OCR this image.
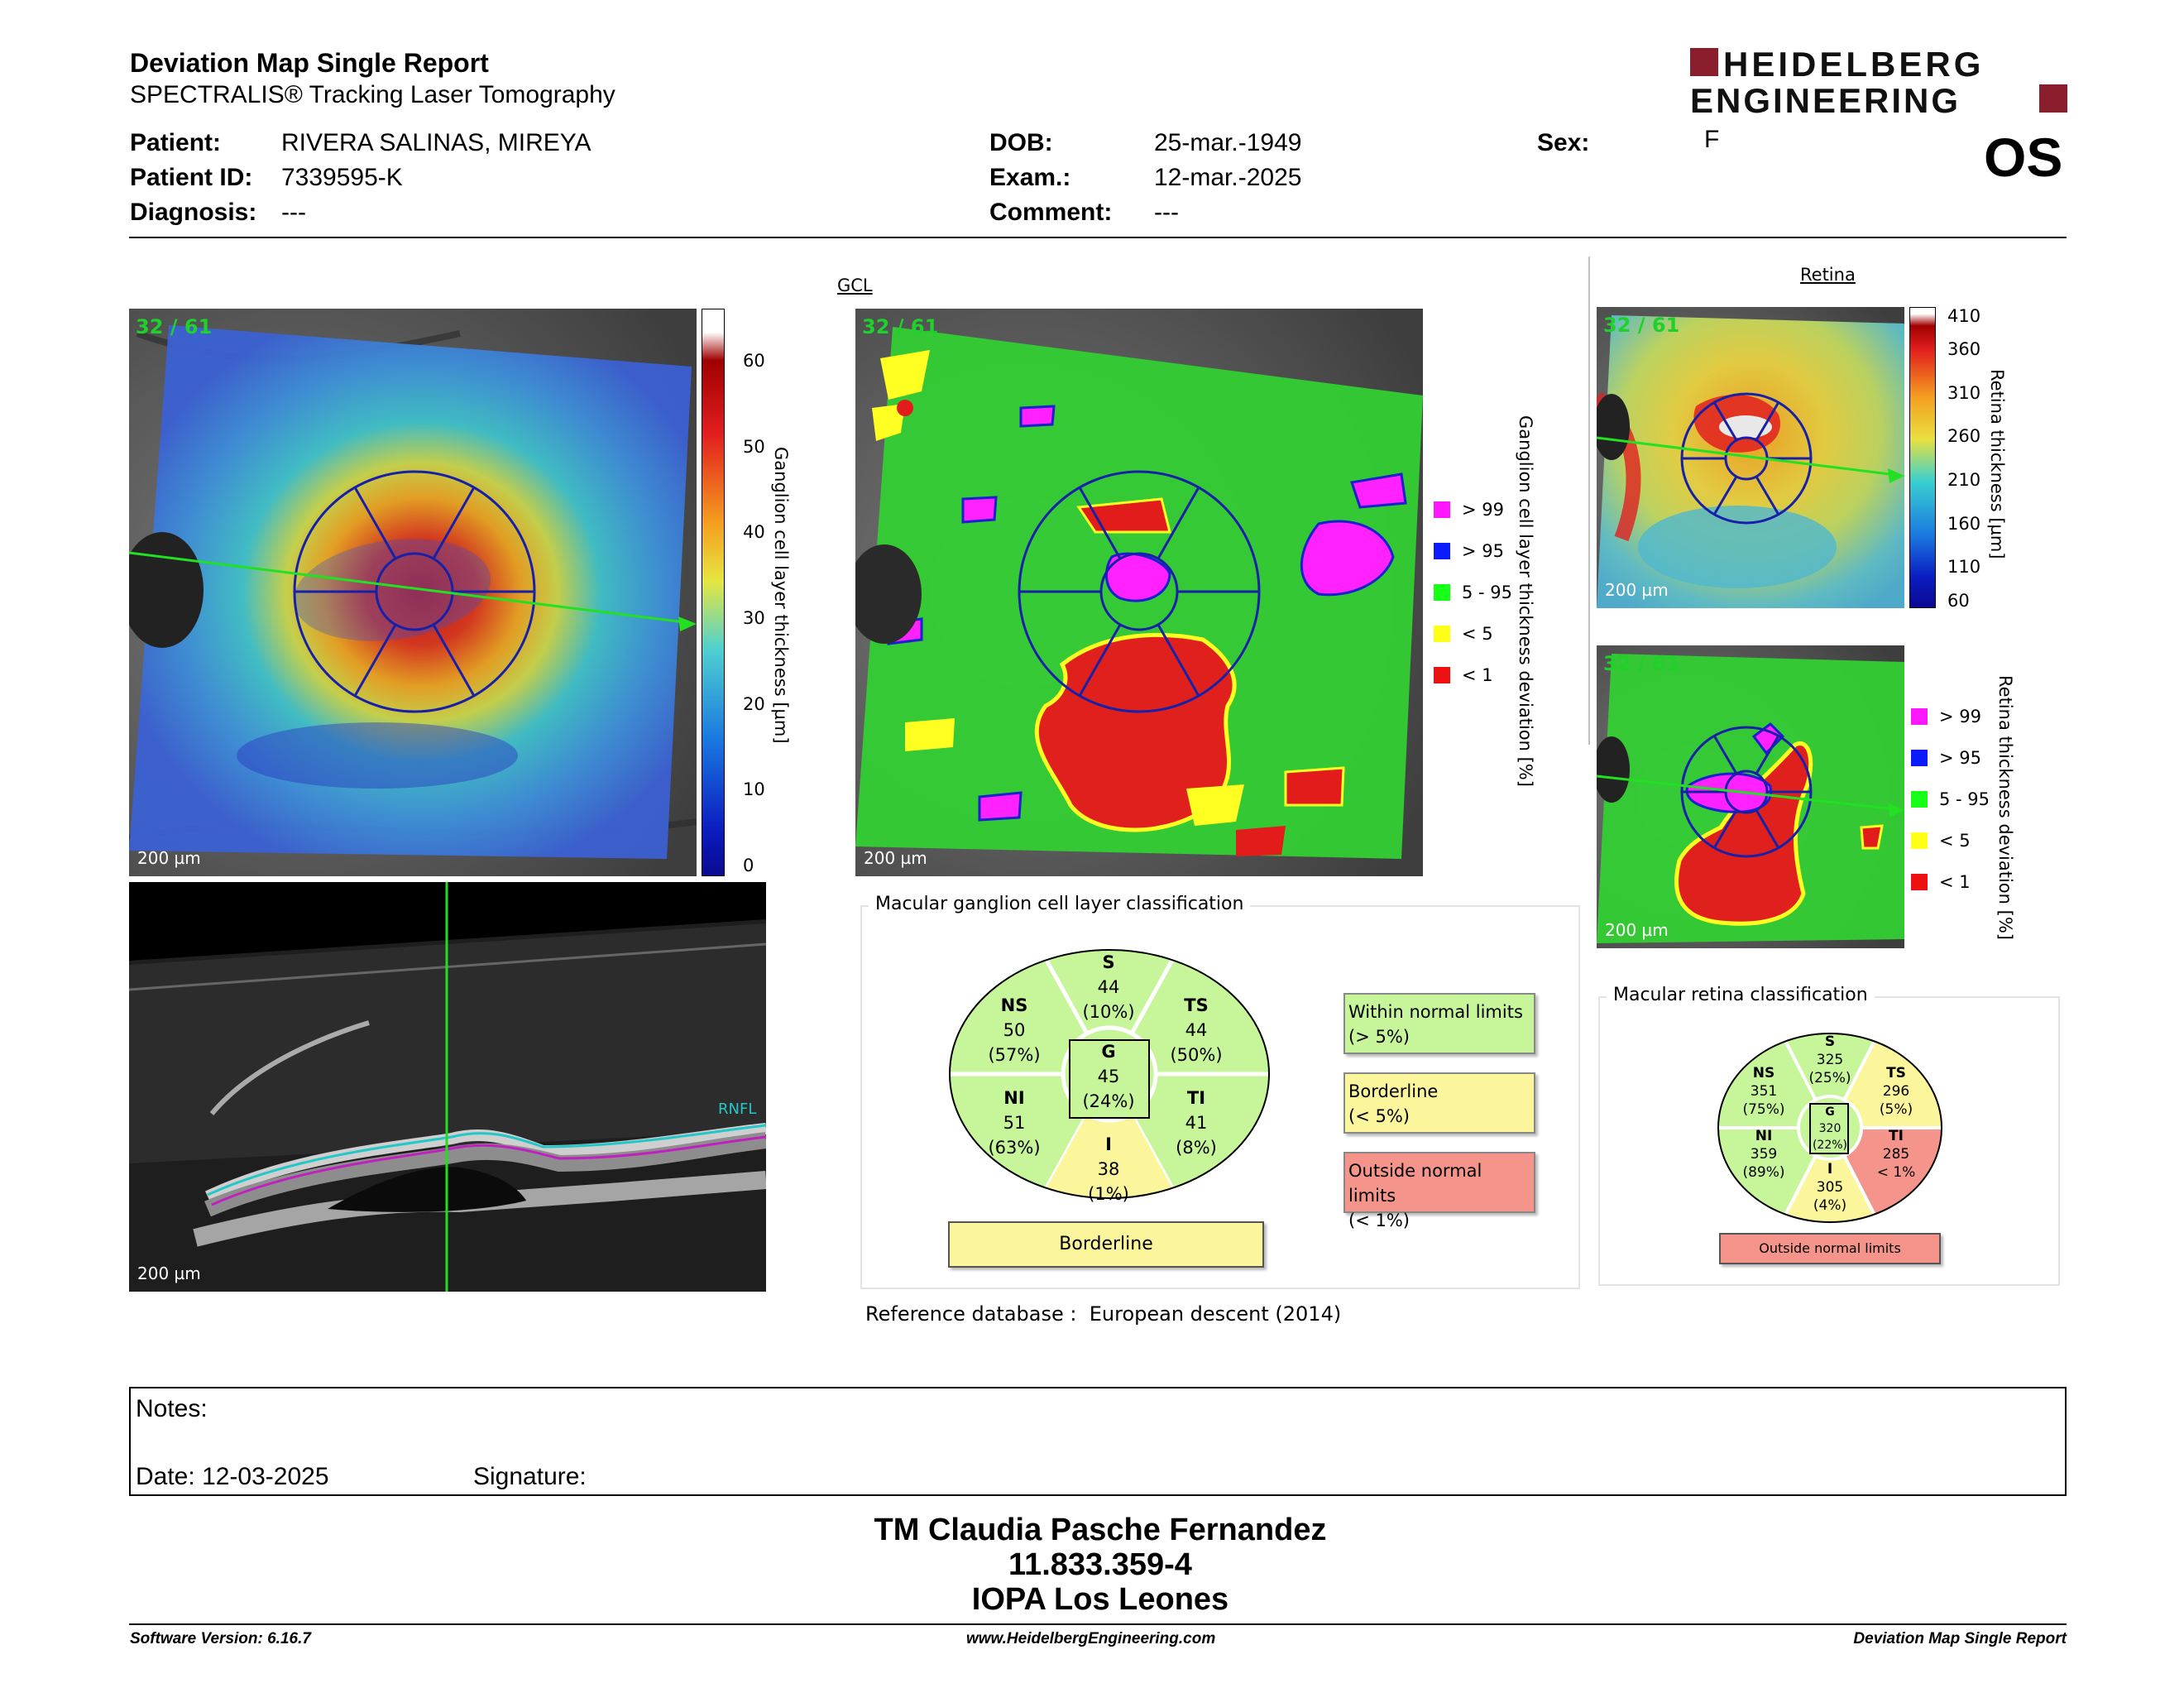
Deviation Map Single Report
SPECTRALIS® Tracking Laser Tomography
HEIDELBERG
ENGINEERING
Patient: RIVERA SALINAS, MIREYA
Patient ID: 7339595-K
Diagnosis: ---
DOB:	25-mar.-1949
Exam.:	12-mar.-2025
Comment: ---
Sex:	F	OS
32 / 61
200 µm
60
50
40
30
20
10
0
Ganglion cell layer thickness [µm]
RNFL
200 µm
GCL
32 / 61
200 µm
> 99
> 95
5 - 95
< 5
< 1 Ganglion cell layer thickness deviation [%]
Macular ganglion cell layer classification
S
44
(10%)
NS
50
(57%)
TS
44
(50%)
G
45
(24%)
NI
51
(63%)
TI
41
(8%)
I
38
(1%)
Borderline
Within normal limits
(> 5%)
Borderline
(< 5%)
Outside normal limits
(< 1%)
Reference database : European descent (2014)
Retina
32 / 61
200 µm
410
360
310
260
210
160
110
60
Retina thickness [µm]
32 / 61
200 µm
> 99
> 95
5 - 95
< 5
< 1 Retina thickness deviation [%]
Macular retina classification
S
325
(25%)
NS
351
(75%)
TS
296
(5%)
G
320
(22%)
NI
359
(89%)
TI
285
< 1%
I
305
(4%)
Outside normal limits
Notes:
Date: 12-03-2025	Signature:
TM Claudia Pasche Fernandez
11.833.359-4
IOPA Los Leones
Software Version: 6.16.7	www.HeidelbergEngineering.com	Deviation Map Single Report
